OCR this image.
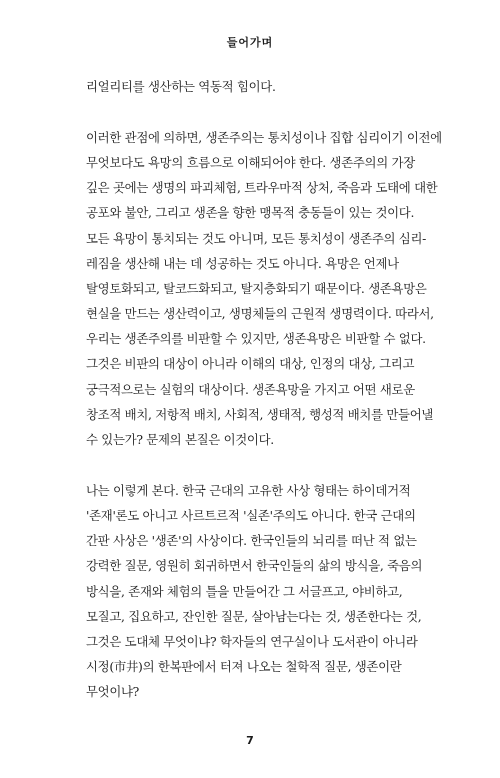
들어가며
리얼리티를 생산하는 역동적 힘이다.
이러한 관점에 의하면, 생존주의는 통치성이나 집합 심리이기 이전에
무엇보다도 욕망의 흐름으로 이해되어야 한다. 생존주의의 가장
깊은 곳에는 생명의 파괴체험, 트라우마적 상처, 죽음과 도태에 대한
공포와 불안, 그리고 생존을 향한 맹목적 충동들이 있는 것이다.
모든 욕망이 통치되는 것도 아니며, 모든 통치성이 생존주의 심리-
레짐을 생산해 내는 데 성공하는 것도 아니다. 욕망은 언제나
탈영토화되고, 탈코드화되고, 탈지층화되기 때문이다. 생존욕망은
현실을 만드는 생산력이고, 생명체들의 근원적 생명력이다. 따라서,
우리는 생존주의를 비판할 수 있지만, 생존욕망은 비판할 수 없다.
그것은 비판의 대상이 아니라 이해의 대상, 인정의 대상, 그리고
궁극적으로는 실험의 대상이다. 생존욕망을 가지고 어떤 새로운
창조적 배치, 저항적 배치, 사회적, 생태적, 행성적 배치를 만들어낼
수 있는가? 문제의 본질은 이것이다.
나는 이렇게 본다. 한국 근대의 고유한 사상 형태는 하이데거적
'존재'론도 아니고 사르트르적 '실존'주의도 아니다. 한국 근대의
간판 사상은 '생존'의 사상이다. 한국인들의 뇌리를 떠난 적 없는
강력한 질문, 영원히 회귀하면서 한국인들의 삶의 방식을, 죽음의
방식을, 존재와 체험의 틀을 만들어간 그 서글프고, 야비하고,
모질고, 집요하고, 잔인한 질문, 살아남는다는 것, 생존한다는 것,
그것은 도대체 무엇이냐? 학자들의 연구실이나 도서관이 아니라
시정(市井)의 한복판에서 터져 나오는 철학적 질문, 생존이란
무엇이냐?
7
